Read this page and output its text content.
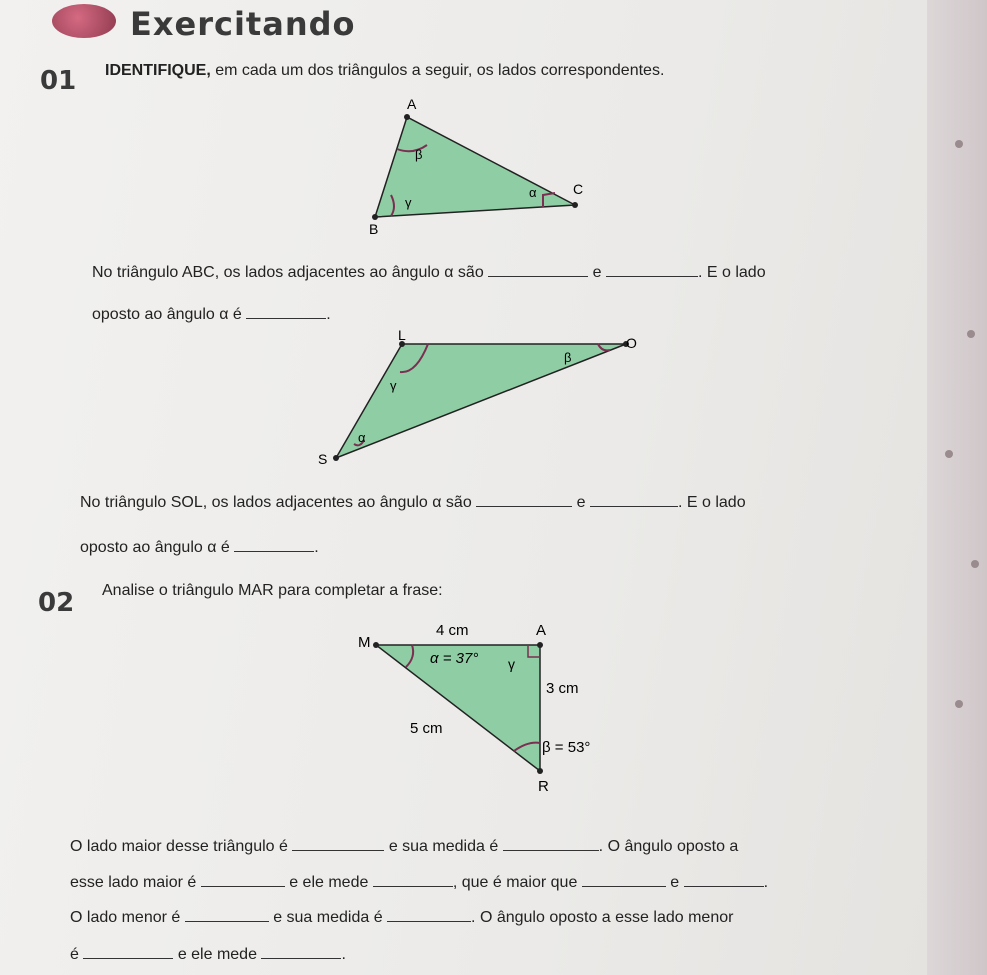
Exercitando
01 IDENTIFIQUE, em cada um dos triângulos a seguir, os lados correspondentes.
A
B
C
β
γ
α
No triângulo ABC, os lados adjacentes ao ângulo α são	e	. E o lado
oposto ao ângulo α é	.
L	O
S
β
γ
α
No triângulo SOL, os lados adjacentes ao ângulo α são	e	. E o lado
oposto ao ângulo α é	.
02 Analise o triângulo MAR para completar a frase:
M
A
R
4 cm
3 cm
5 cm
α = 37° γ
β = 53°
O lado maior desse triângulo é	e sua medida é	. O ângulo oposto a
esse lado maior é	e ele mede	, que é maior que	e	.
O lado menor é	e sua medida é	. O ângulo oposto a esse lado menor
é	e ele mede	.
